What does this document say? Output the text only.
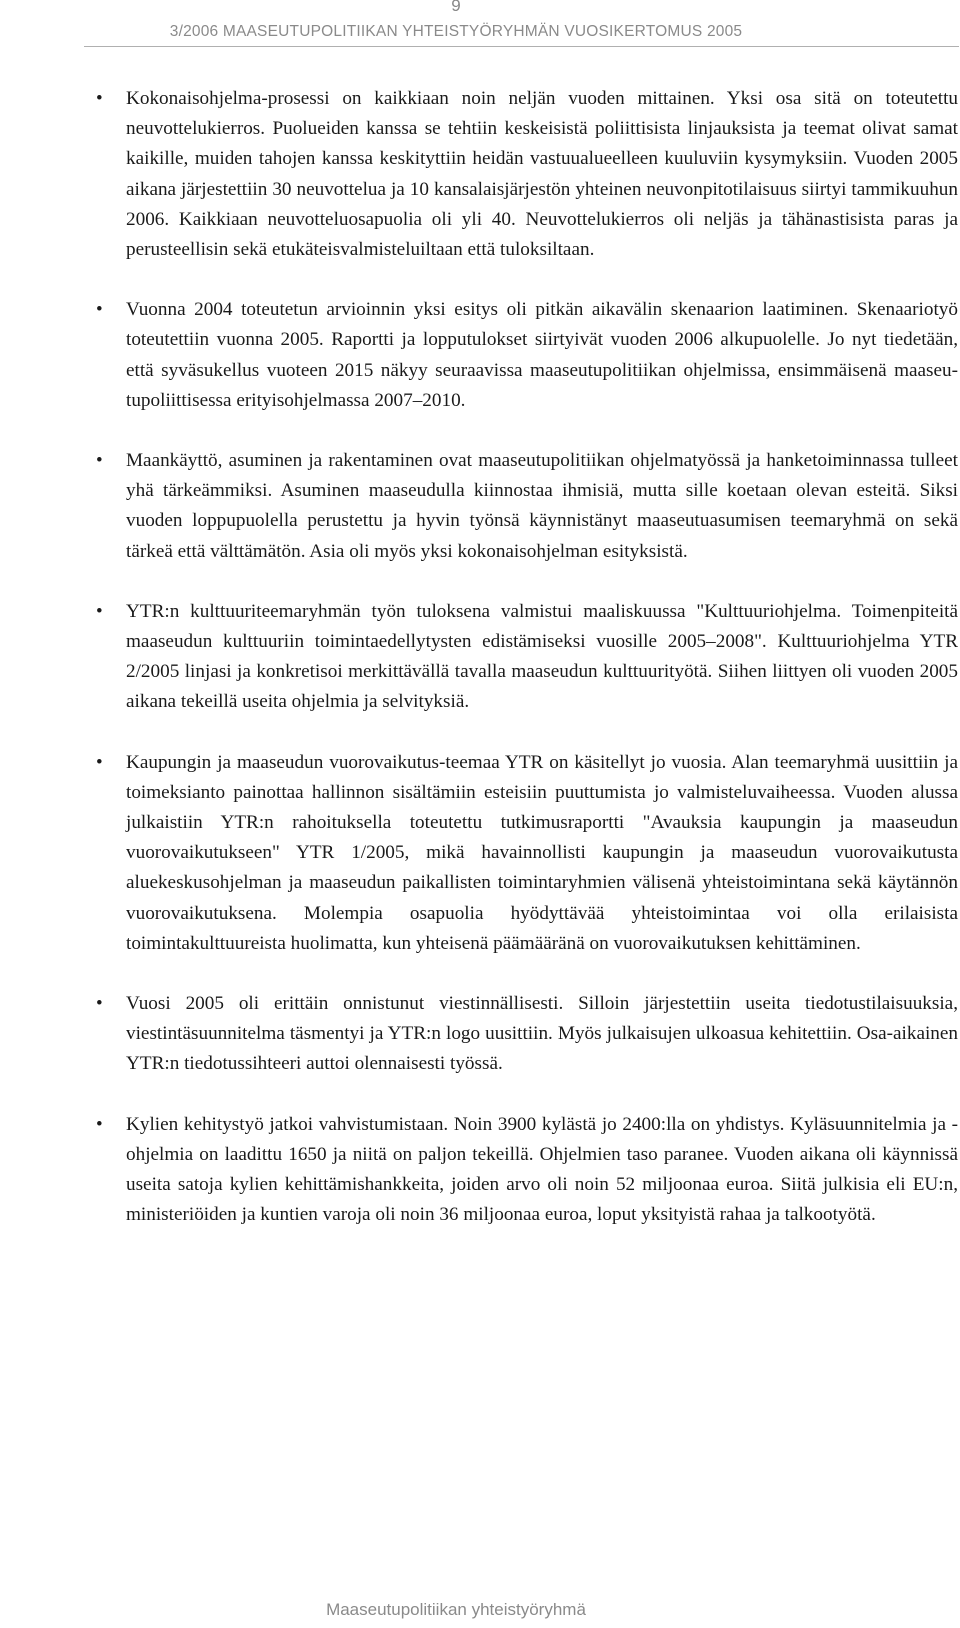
9
3/2006 MAASEUTUPOLITIIKAN YHTEISTYÖRYHMÄN VUOSIKERTOMUS 2005
• Kokonaisohjelma-prosessi on kaikkiaan noin neljän vuoden mittainen. Yksi osa sitä on toteutettu neuvottelukierros. Puolueiden kanssa se tehtiin keskeisistä poliittisista linjauksista ja teemat olivat samat kaikille, muiden tahojen kanssa keskityttiin heidän vastuualueelleen kuuluviin kysymyksiin. Vuoden 2005 aikana järjestettiin 30 neuvottelua ja 10 kansalaisjärjestön yhteinen neuvonpitotilaisuus siirtyi tammikuuhun 2006. Kaikkiaan neuvotteluosapuolia oli yli 40. Neuvottelukierros oli neljäs ja tähänastisista paras ja perusteellisin sekä etukäteisvalmisteluiltaan että tuloksiltaan.
• Vuonna 2004 toteutetun arvioinnin yksi esitys oli pitkän aikavälin skenaarion laatiminen. Skenaariotyö toteutettiin vuonna 2005. Raportti ja lopputulokset siirtyivät vuoden 2006 alkupuolelle. Jo nyt tiedetään, että syväsukellus vuoteen 2015 näkyy seuraavissa maaseutupolitiikan ohjelmissa, ensimmäisenä maaseutupoliittisessa erityisohjelmassa 2007–2010.
• Maankäyttö, asuminen ja rakentaminen ovat maaseutupolitiikan ohjelmatyössä ja hanketoiminnassa tulleet yhä tärkeämmiksi. Asuminen maaseudulla kiinnostaa ihmisiä, mutta sille koetaan olevan esteitä. Siksi vuoden loppupuolella perustettu ja hyvin työnsä käynnistänyt maaseutuasumisen teemaryhmä on sekä tärkeä että välttämätön. Asia oli myös yksi kokonaisohjelman esityksistä.
• YTR:n kulttuuriteemaryhmän työn tuloksena valmistui maaliskuussa "Kulttuuriohjelma. Toimenpiteitä maaseudun kulttuuriin toimintaedellytysten edistämiseksi vuosille 2005–2008". Kulttuuriohjelma YTR 2/2005 linjasi ja konkretisoi merkittävällä tavalla maaseudun kulttuurityötä. Siihen liittyen oli vuoden 2005 aikana tekeillä useita ohjelmia ja selvityksiä.
• Kaupungin ja maaseudun vuorovaikutus-teemaa YTR on käsitellyt jo vuosia. Alan teemaryhmä uusittiin ja toimeksianto painottaa hallinnon sisältämiin esteisiin puuttumista jo valmisteluvaiheessa. Vuoden alussa julkaistiin YTR:n rahoituksella toteutettu tutkimusraportti "Avauksia kaupungin ja maaseudun vuorovaikutukseen" YTR 1/2005, mikä havainnollisti kaupungin ja maaseudun vuorovaikutusta aluekeskusohjelman ja maaseudun paikallisten toimintaryhmien välisenä yhteistoimintana sekä käytännön vuorovaikutuksena. Molempia osapuolia hyödyttävää yhteistoimintaa voi olla erilaisista toimintakulttuureista huolimatta, kun yhteisenä päämääränä on vuorovaikutuksen kehittäminen.
• Vuosi 2005 oli erittäin onnistunut viestinnällisesti. Silloin järjestettiin useita tiedotustilaisuuksia, viestintäsuunnitelma täsmentyi ja YTR:n logo uusittiin. Myös julkaisujen ulkoasua kehitettiin. Osa-aikainen YTR:n tiedotussihteeri auttoi olennaisesti työssä.
• Kylien kehitystyö jatkoi vahvistumistaan. Noin 3900 kylästä jo 2400:lla on yhdistys. Kyläsuunnitelmia ja -ohjelmia on laadittu 1650 ja niitä on paljon tekeillä. Ohjelmien taso paranee. Vuoden aikana oli käynnissä useita satoja kylien kehittämishankkeita, joiden arvo oli noin 52 miljoonaa euroa. Siitä julkisia eli EU:n, ministeriöiden ja kuntien varoja oli noin 36 miljoonaa euroa, loput yksityistä rahaa ja talkootyötä.
Maaseutupolitiikan yhteistyöryhmä
